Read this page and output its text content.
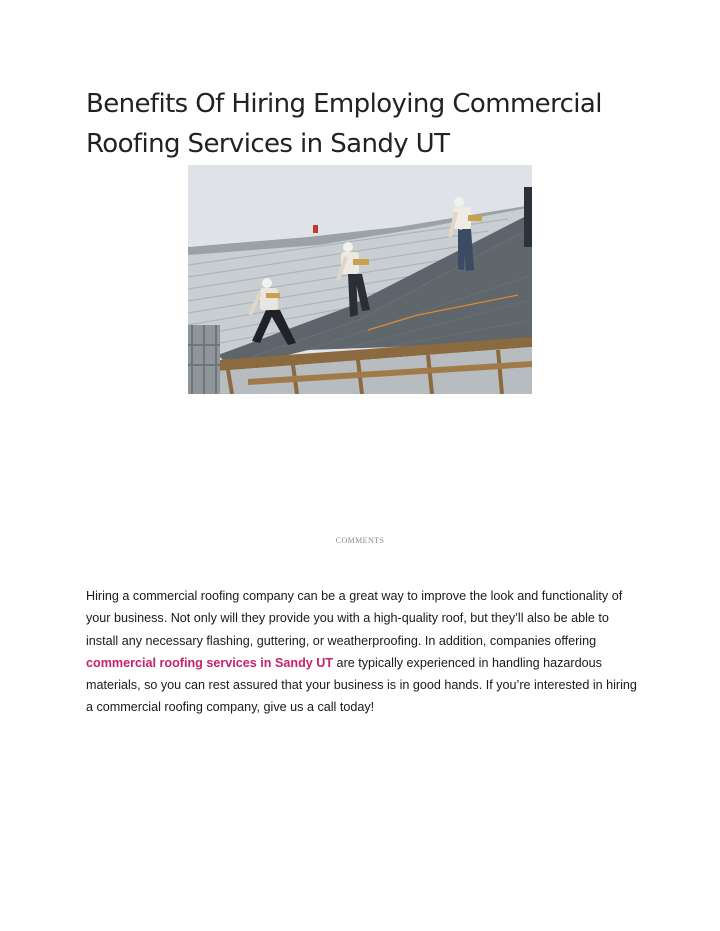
Benefits Of Hiring Employing Commercial Roofing Services in Sandy UT
COMMENTS

Hiring a commercial roofing company can be a great way to improve the look and functionality of your business. Not only will they provide you with a high-quality roof, but they’ll also be able to install any necessary flashing, guttering, or weatherproofing. In addition, companies offering commercial roofing services in Sandy UT are typically experienced in handling hazardous materials, so you can rest assured that your business is in good hands. If you’re interested in hiring a commercial roofing company, give us a call today!
